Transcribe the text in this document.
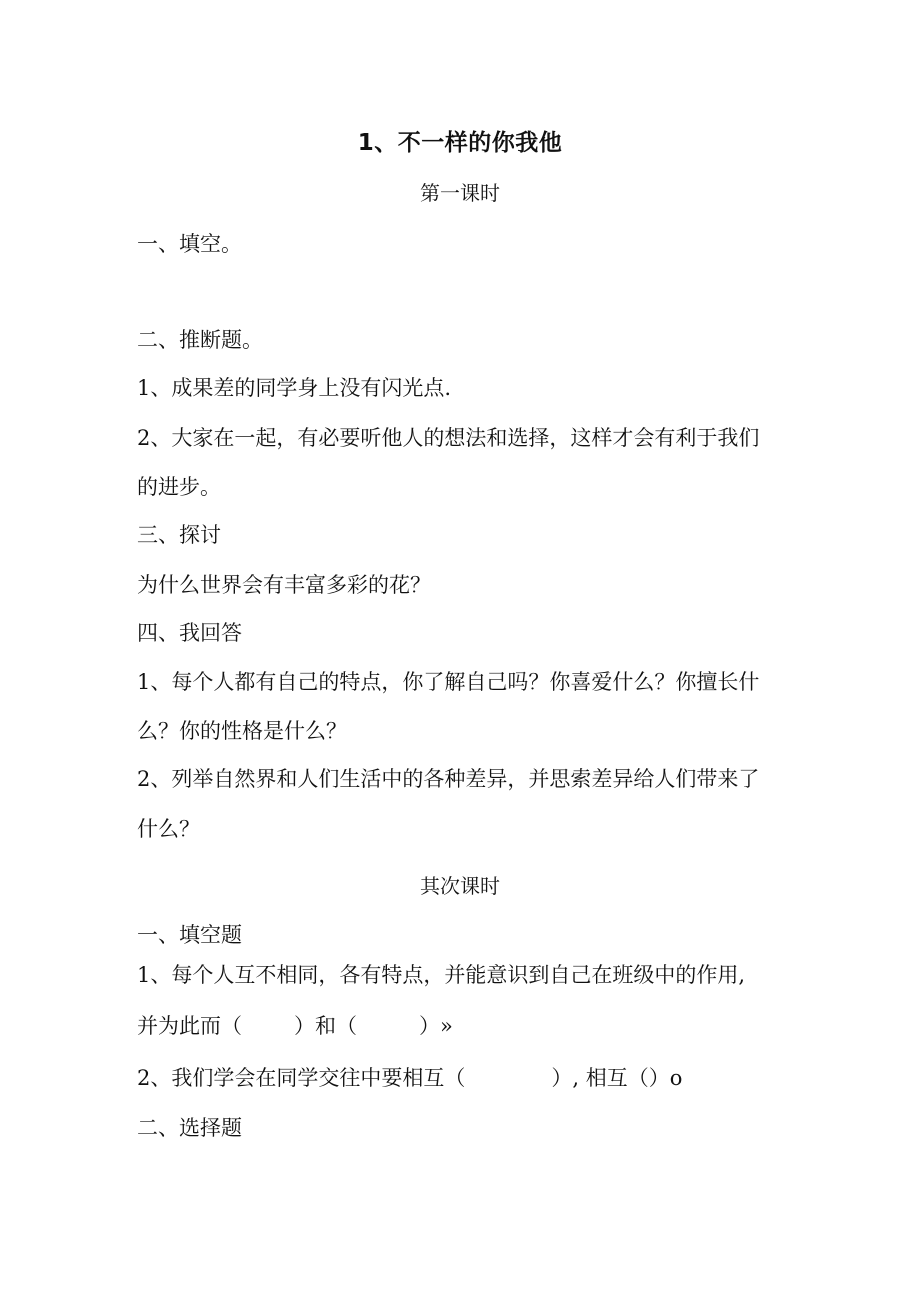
1、不一样的你我他
第一课时
一、填空。
二、推断题。
1、成果差的同学身上没有闪光点.
2、大家在一起，有必要听他人的想法和选择，这样才会有利于我们
的进步。
三、探讨
为什么世界会有丰富多彩的花？
四、我回答
1、每个人都有自己的特点，你了解自己吗？你喜爱什么？你擅长什
么？你的性格是什么？
2、列举自然界和人们生活中的各种差异，并思索差异给人们带来了
什么？
其次课时
一、填空题
1、每个人互不相同，各有特点，并能意识到自己在班级中的作用,
并为此而（ ）和（	）»
2、我们学会在同学交往中要相互（	）, 相互（）o
二、选择题
